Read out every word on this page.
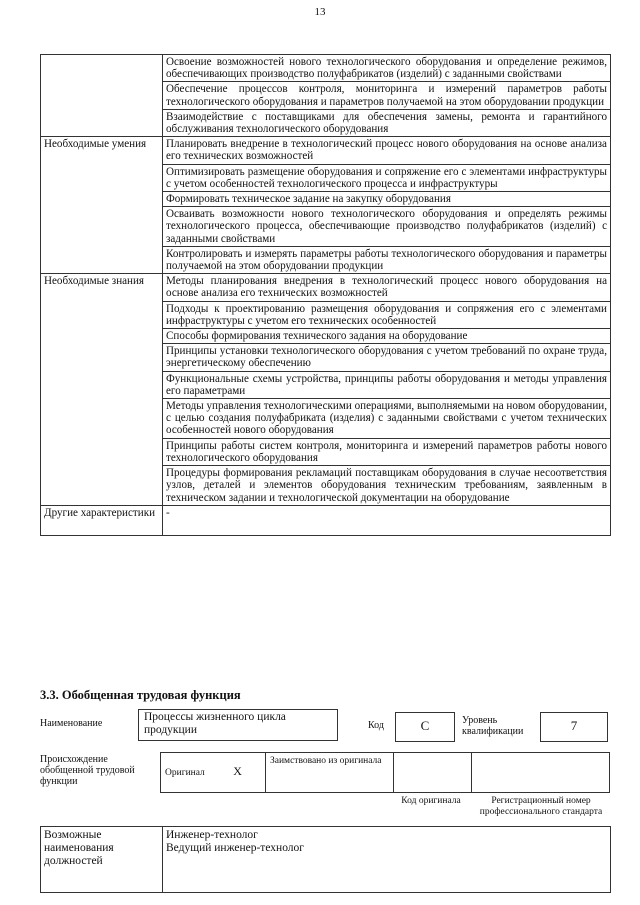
13
	Освоение возможностей нового технологического оборудования и определение режимов, обеспечивающих производство полуфабрикатов (изделий) с заданными свойствами
	Обеспечение процессов контроля, мониторинга и измерений параметров работы технологического оборудования и параметров получаемой на этом оборудовании продукции
	Взаимодействие с поставщиками для обеспечения замены, ремонта и гарантийного обслуживания технологического оборудования
Необходимые умения	Планировать внедрение в технологический процесс нового оборудования на основе анализа его технических возможностей
	Оптимизировать размещение оборудования и сопряжение его с элементами инфраструктуры с учетом особенностей технологического процесса и инфраструктуры
	Формировать техническое задание на закупку оборудования
	Осваивать возможности нового технологического оборудования и определять режимы технологического процесса, обеспечивающие производство полуфабрикатов (изделий) с заданными свойствами
	Контролировать и измерять параметры работы технологического оборудования и параметры получаемой на этом оборудовании продукции
Необходимые знания	Методы планирования внедрения в технологический процесс нового оборудования на основе анализа его технических возможностей
	Подходы к проектированию размещения оборудования и сопряжения его с элементами инфраструктуры с учетом его технических особенностей
	Способы формирования технического задания на оборудование
	Принципы установки технологического оборудования с учетом требований по охране труда, энергетическому обеспечению
	Функциональные схемы устройства, принципы работы оборудования и методы управления его параметрами
	Методы управления технологическими операциями, выполняемыми на новом оборудовании, с целью создания полуфабриката (изделия) с заданными свойствами с учетом технических особенностей нового оборудования
	Принципы работы систем контроля, мониторинга и измерений параметров работы нового технологического оборудования
	Процедуры формирования рекламаций поставщикам оборудования в случае несоответствия узлов, деталей и элементов оборудования техническим требованиям, заявленным в техническом задании и технологической документации на оборудование
Другие характеристики	-
3.3. Обобщенная трудовая функция
Наименование
Процессы жизненного цикла продукции	Код	C	Уровень квалификации	7
Происхождение обобщенной трудовой функции
Оригинал X	Заимствовано из оригинала		
Код оригинала	Регистрационный номер профессионального стандарта
Возможные наименования должностей	
Инженер-технолог
Ведущий инженер-технолог
